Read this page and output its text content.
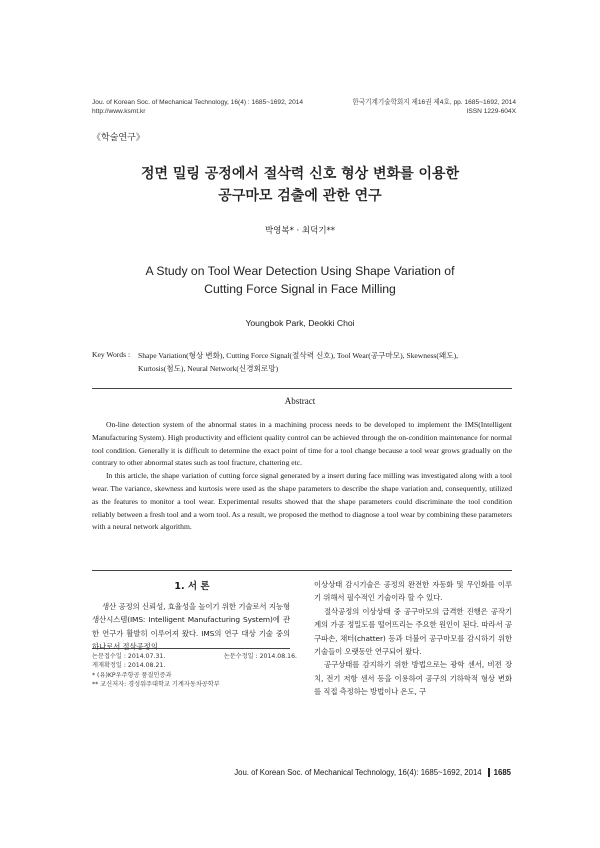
Jou. of Korean Soc. of Mechanical Technology, 16(4) : 1685~1692, 2014
http://www.ksmt.kr
한국기계기술학회지 제16권 제4호, pp. 1685~1692, 2014
ISSN 1229-604X
《학술연구》
정면 밀링 공정에서 절삭력 신호 형상 변화를 이용한
공구마모 검출에 관한 연구
박영복* · 최덕기**
A Study on Tool Wear Detection Using Shape Variation of
Cutting Force Signal in Face Milling
Youngbok Park, Deokki Choi
Key Words : Shape Variation(형상 변화), Cutting Force Signal(절삭력 신호), Tool Wear(공구마모), Skewness(왜도),
Kurtosis(첨도), Neural Network(신경회로망)
Abstract

On-line detection system of the abnormal states in a machining process needs to be developed to implement the IMS(Intelligent Manufacturing System). High productivity and efficient quality control can be achieved through the on-condition maintenance for normal tool condition. Generally it is difficult to determine the exact point of time for a tool change because a tool wear grows gradually on the contrary to other abnormal states such as tool fracture, chattering etc.

In this article, the shape variation of cutting force signal generated by a insert during face milling was investigated along with a tool wear. The variance, skewness and kurtosis were used as the shape parameters to describe the shape variation and, consequently, utilized as the features to monitor a tool wear. Experimental results showed that the shape parameters could discriminate the tool condition reliably between a fresh tool and a worn tool. As a result, we proposed the method to diagnose a tool wear by combining these parameters with a neural network algorithm.

1. 서 론

생산 공정의 신뢰성, 효율성을 높이기 위한 기술로서 지능형 생산시스템(IMS: Intelligent Manufacturing System)에 관한 연구가 활발히 이루어져 왔다. IMS의 연구 대상 기술 중의 하나로서 절삭공정의

논문접수일 : 2014.07.31.	논문수정일 : 2014.08.16.
게재확정일 : 2014.08.21.
* (유)KP우주항공 품질인증과
** 교신저자: 경성워주대학교 기계자동차공학부

이상상태 감시기술은 공정의 완전한 자동화 및 무인화를 이루기 위해서 필수적인 기술이라 할 수 있다.

절삭공정의 이상상태 중 공구마모의 급격한 진행은 공작기계의 가공 정밀도를 떨어뜨리는 주요한 원인이 된다. 따라서 공구파손, 채터(chatter) 등과 더불어 공구마모를 감시하기 위한 기술들이 오랫동안 연구되어 왔다.

공구상태를 감지하기 위한 방법으로는 광학 센서, 비젼 장치, 전기 저항 센서 등을 이용하여 공구의 기하학적 형상 변화를 직접 측정하는 방법이나 온도, 구

Jou. of Korean Soc. of Mechanical Technology, 16(4): 1685~1692, 2014 1685
